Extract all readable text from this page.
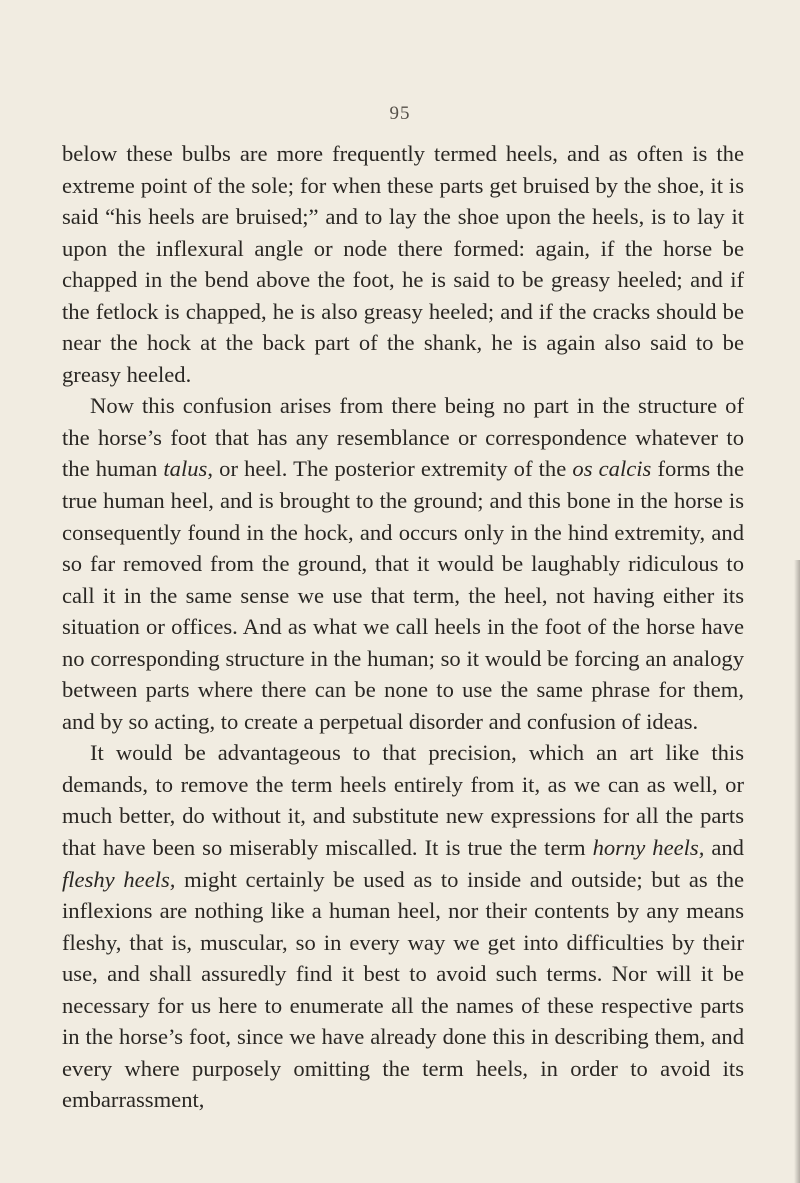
95

below these bulbs are more frequently termed heels, and as often is the extreme point of the sole; for when these parts get bruised by the shoe, it is said “his heels are bruised;” and to lay the shoe upon the heels, is to lay it upon the inflexural angle or node there formed: again, if the horse be chapped in the bend above the foot, he is said to be greasy heeled; and if the fetlock is chapped, he is also greasy heeled; and if the cracks should be near the hock at the back part of the shank, he is again also said to be greasy heeled.

Now this confusion arises from there being no part in the structure of the horse’s foot that has any resemblance or correspondence whatever to the human talus, or heel. The posterior extremity of the os calcis forms the true human heel, and is brought to the ground; and this bone in the horse is consequently found in the hock, and occurs only in the hind extremity, and so far removed from the ground, that it would be laughably ridiculous to call it in the same sense we use that term, the heel, not having either its situation or offices. And as what we call heels in the foot of the horse have no corresponding structure in the human; so it would be forcing an analogy between parts where there can be none to use the same phrase for them, and by so acting, to create a perpetual disorder and confusion of ideas.

It would be advantageous to that precision, which an art like this demands, to remove the term heels entirely from it, as we can as well, or much better, do without it, and substitute new expressions for all the parts that have been so miserably miscalled. It is true the term horny heels, and fleshy heels, might certainly be used as to inside and outside; but as the inflexions are nothing like a human heel, nor their contents by any means fleshy, that is, muscular, so in every way we get into difficulties by their use, and shall assuredly find it best to avoid such terms. Nor will it be necessary for us here to enumerate all the names of these respective parts in the horse’s foot, since we have already done this in describing them, and every where purposely omitting the term heels, in order to avoid its embarrassment,
